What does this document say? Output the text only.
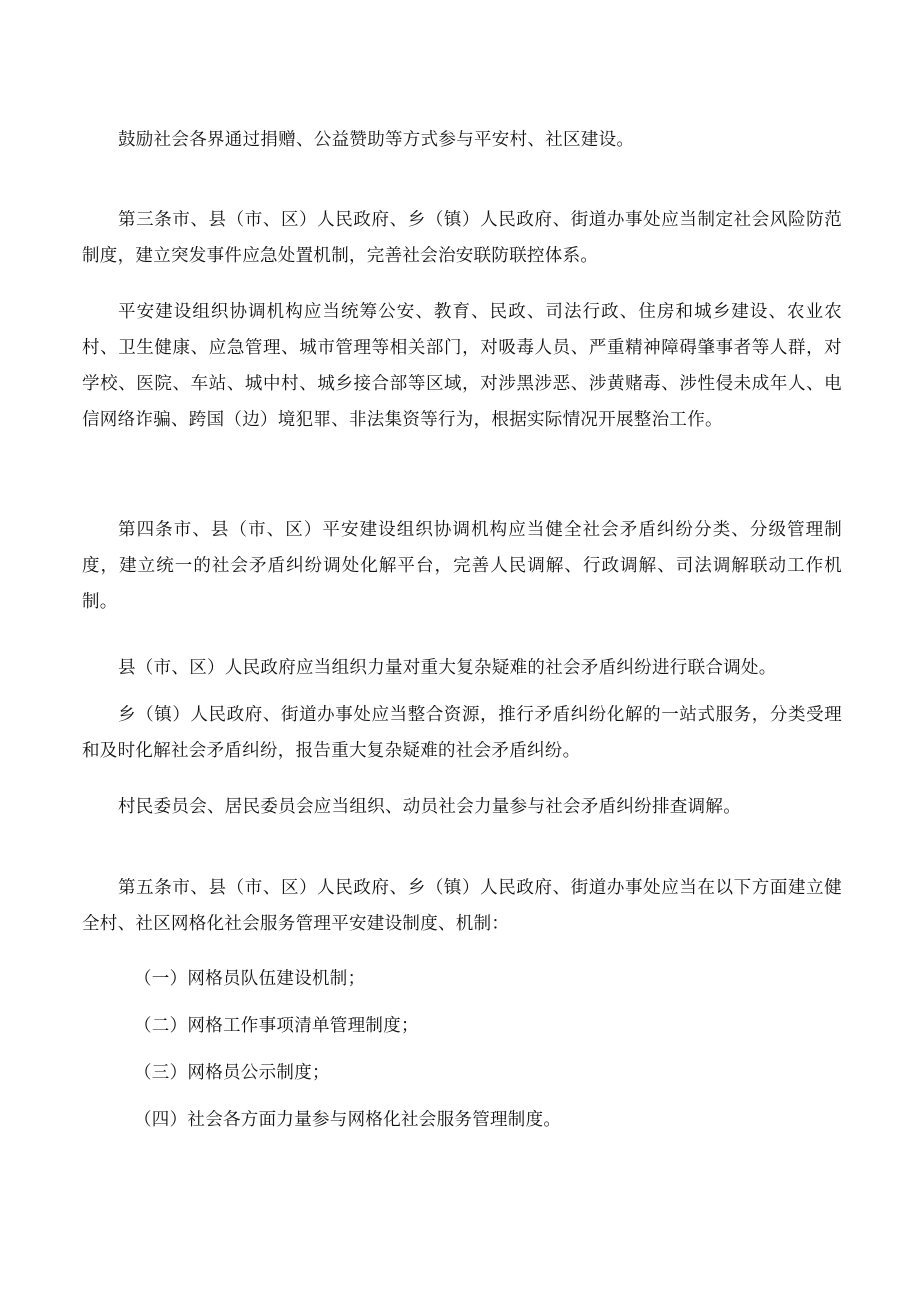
鼓励社会各界通过捐赠、公益赞助等方式参与平安村、社区建设。

第三条市、县（市、区）人民政府、乡（镇）人民政府、街道办事处应当制定社会风险防范制度，建立突发事件应急处置机制，完善社会治安联防联控体系。

平安建设组织协调机构应当统筹公安、教育、民政、司法行政、住房和城乡建设、农业农村、卫生健康、应急管理、城市管理等相关部门，对吸毒人员、严重精神障碍肇事者等人群，对学校、医院、车站、城中村、城乡接合部等区域，对涉黑涉恶、涉黄赌毒、涉性侵未成年人、电信网络诈骗、跨国（边）境犯罪、非法集资等行为，根据实际情况开展整治工作。

第四条市、县（市、区）平安建设组织协调机构应当健全社会矛盾纠纷分类、分级管理制度，建立统一的社会矛盾纠纷调处化解平台，完善人民调解、行政调解、司法调解联动工作机制。

县（市、区）人民政府应当组织力量对重大复杂疑难的社会矛盾纠纷进行联合调处。

乡（镇）人民政府、街道办事处应当整合资源，推行矛盾纠纷化解的一站式服务，分类受理和及时化解社会矛盾纠纷，报告重大复杂疑难的社会矛盾纠纷。

村民委员会、居民委员会应当组织、动员社会力量参与社会矛盾纠纷排查调解。

第五条市、县（市、区）人民政府、乡（镇）人民政府、街道办事处应当在以下方面建立健全村、社区网格化社会服务管理平安建设制度、机制：

（一）网格员队伍建设机制；

（二）网格工作事项清单管理制度；

（三）网格员公示制度；

（四）社会各方面力量参与网格化社会服务管理制度。
